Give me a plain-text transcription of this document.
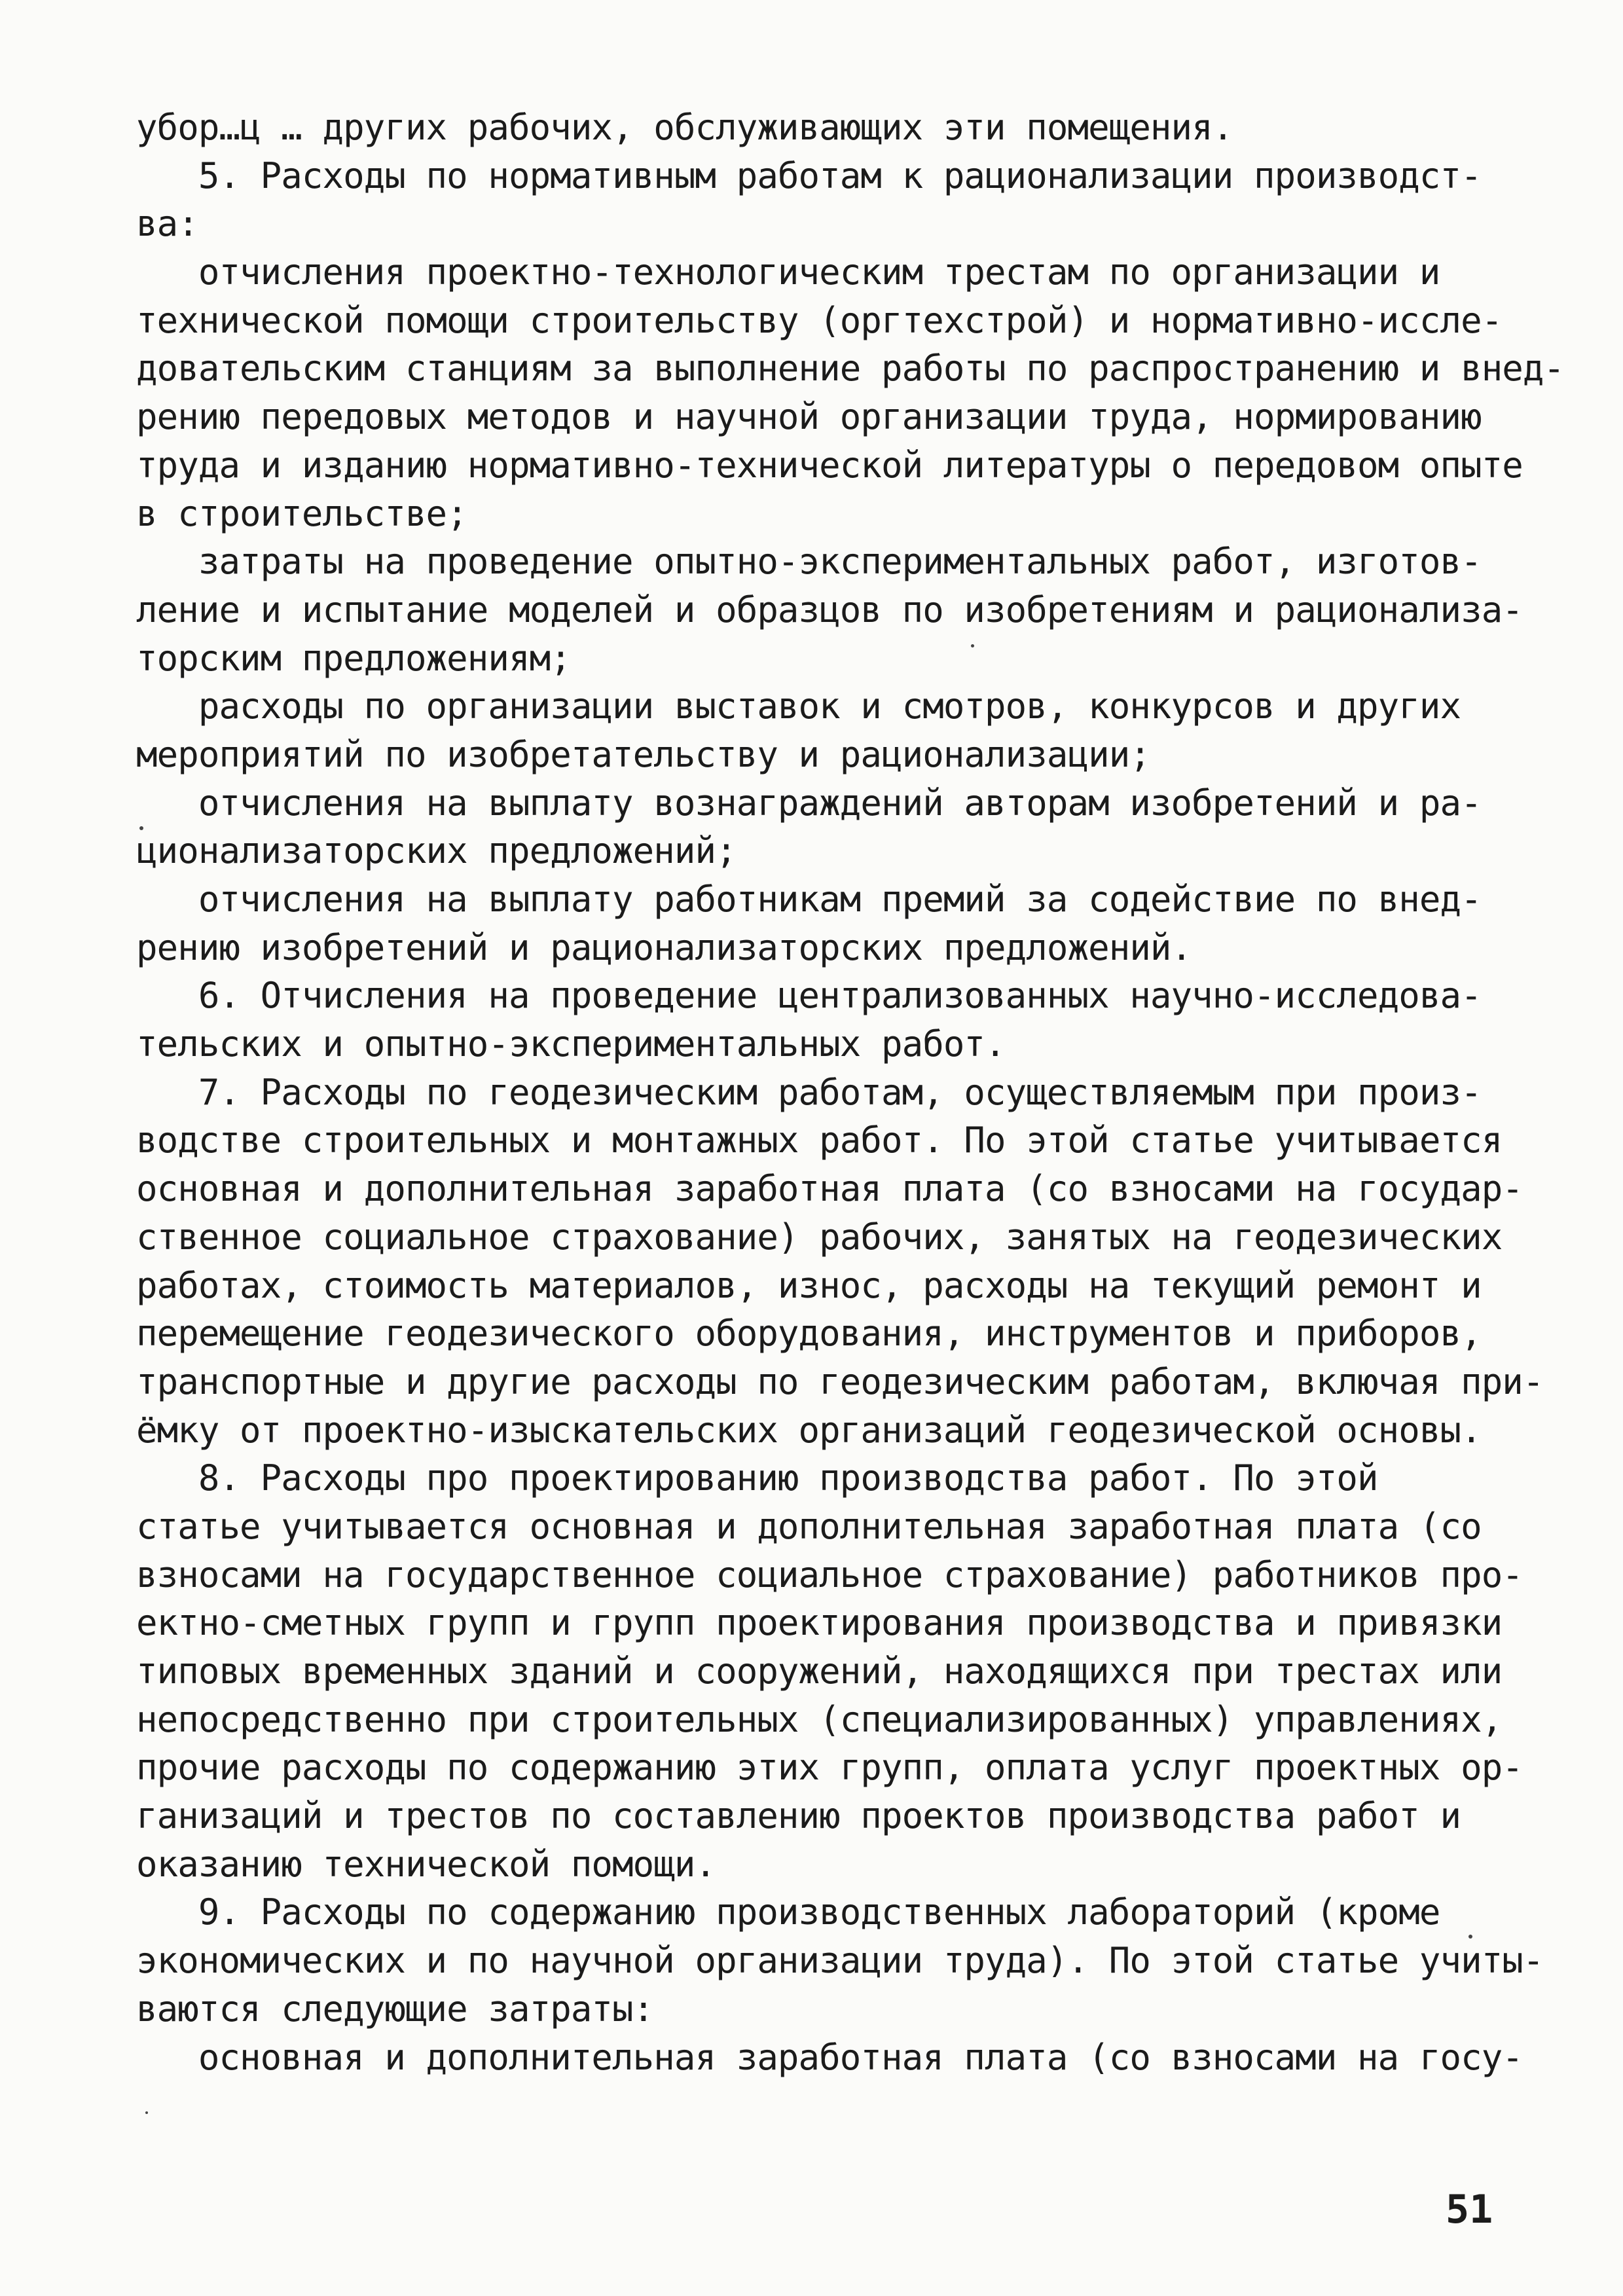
убор…ц … других рабочих, обслуживающих эти помещения.
5. Расходы по нормативным работам к рационализации производст-
ва:
отчисления проектно-технологическим трестам по организации и
технической помощи строительству (оргтехстрой) и нормативно-иссле-
довательским станциям за выполнение работы по распространению и внед-
рению передовых методов и научной организации труда, нормированию
труда и изданию нормативно-технической литературы о передовом опыте
в строительстве;
затраты на проведение опытно-экспериментальных работ, изготов-
ление и испытание моделей и образцов по изобретениям и рационализа-
торским предложениям;
расходы по организации выставок и смотров, конкурсов и других
мероприятий по изобретательству и рационализации;
отчисления на выплату вознаграждений авторам изобретений и ра-
ционализаторских предложений;
отчисления на выплату работникам премий за содействие по внед-
рению изобретений и рационализаторских предложений.
6. Отчисления на проведение централизованных научно-исследова-
тельских и опытно-экспериментальных работ.
7. Расходы по геодезическим работам, осуществляемым при произ-
водстве строительных и монтажных работ. По этой статье учитывается
основная и дополнительная заработная плата (со взносами на государ-
ственное социальное страхование) рабочих, занятых на геодезических
работах, стоимость материалов, износ, расходы на текущий ремонт и
перемещение геодезического оборудования, инструментов и приборов,
транспортные и другие расходы по геодезическим работам, включая при-
ёмку от проектно-изыскательских организаций геодезической основы.
8. Расходы про проектированию производства работ. По этой
статье учитывается основная и дополнительная заработная плата (со
взносами на государственное социальное страхование) работников про-
ектно-сметных групп и групп проектирования производства и привязки
типовых временных зданий и сооружений, находящихся при трестах или
непосредственно при строительных (специализированных) управлениях,
прочие расходы по содержанию этих групп, оплата услуг проектных ор-
ганизаций и трестов по составлению проектов производства работ и
оказанию технической помощи.
9. Расходы по содержанию производственных лабораторий (кроме
экономических и по научной организации труда). По этой статье учиты-
ваются следующие затраты:
основная и дополнительная заработная плата (со взносами на госу-
51
